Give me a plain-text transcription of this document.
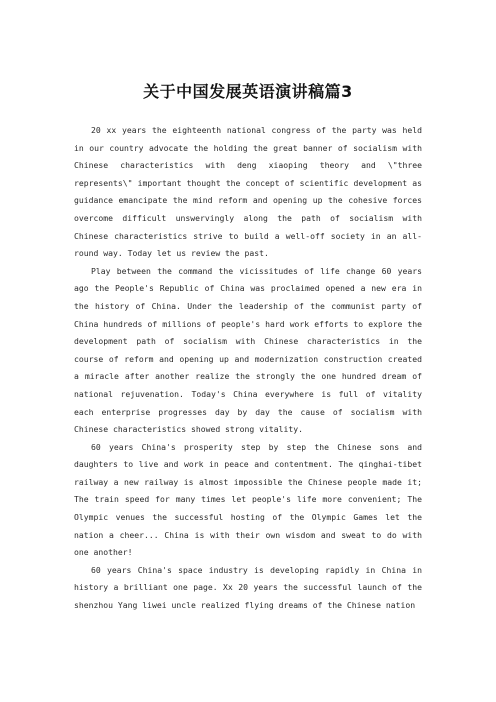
关于中国发展英语演讲稿篇3

20 xx years the eighteenth national congress of the party was held in our country advocate the holding the great banner of socialism with Chinese characteristics with deng xiaoping theory and \"three represents\" important thought the concept of scientific development as guidance emancipate the mind reform and opening up the cohesive forces overcome difficult unswervingly along the path of socialism with Chinese characteristics strive to build a well-off society in an all-round way. Today let us review the past.

Play between the command the vicissitudes of life change 60 years ago the People's Republic of China was proclaimed opened a new era in the history of China. Under the leadership of the communist party of China hundreds of millions of people's hard work efforts to explore the development path of socialism with Chinese characteristics in the course of reform and opening up and modernization construction created a miracle after another realize the strongly the one hundred dream of national rejuvenation. Today's China everywhere is full of vitality each enterprise progresses day by day the cause of socialism with Chinese characteristics showed strong vitality.

60 years China's prosperity step by step the Chinese sons and daughters to live and work in peace and contentment. The qinghai-tibet railway a new railway is almost impossible the Chinese people made it; The train speed for many times let people's life more convenient; The Olympic venues the successful hosting of the Olympic Games let the nation a cheer... China is with their own wisdom and sweat to do with one another!

60 years China's space industry is developing rapidly in China in history a brilliant one page. Xx 20 years the successful launch of the shenzhou Yang liwei uncle realized flying dreams of the Chinese nation
